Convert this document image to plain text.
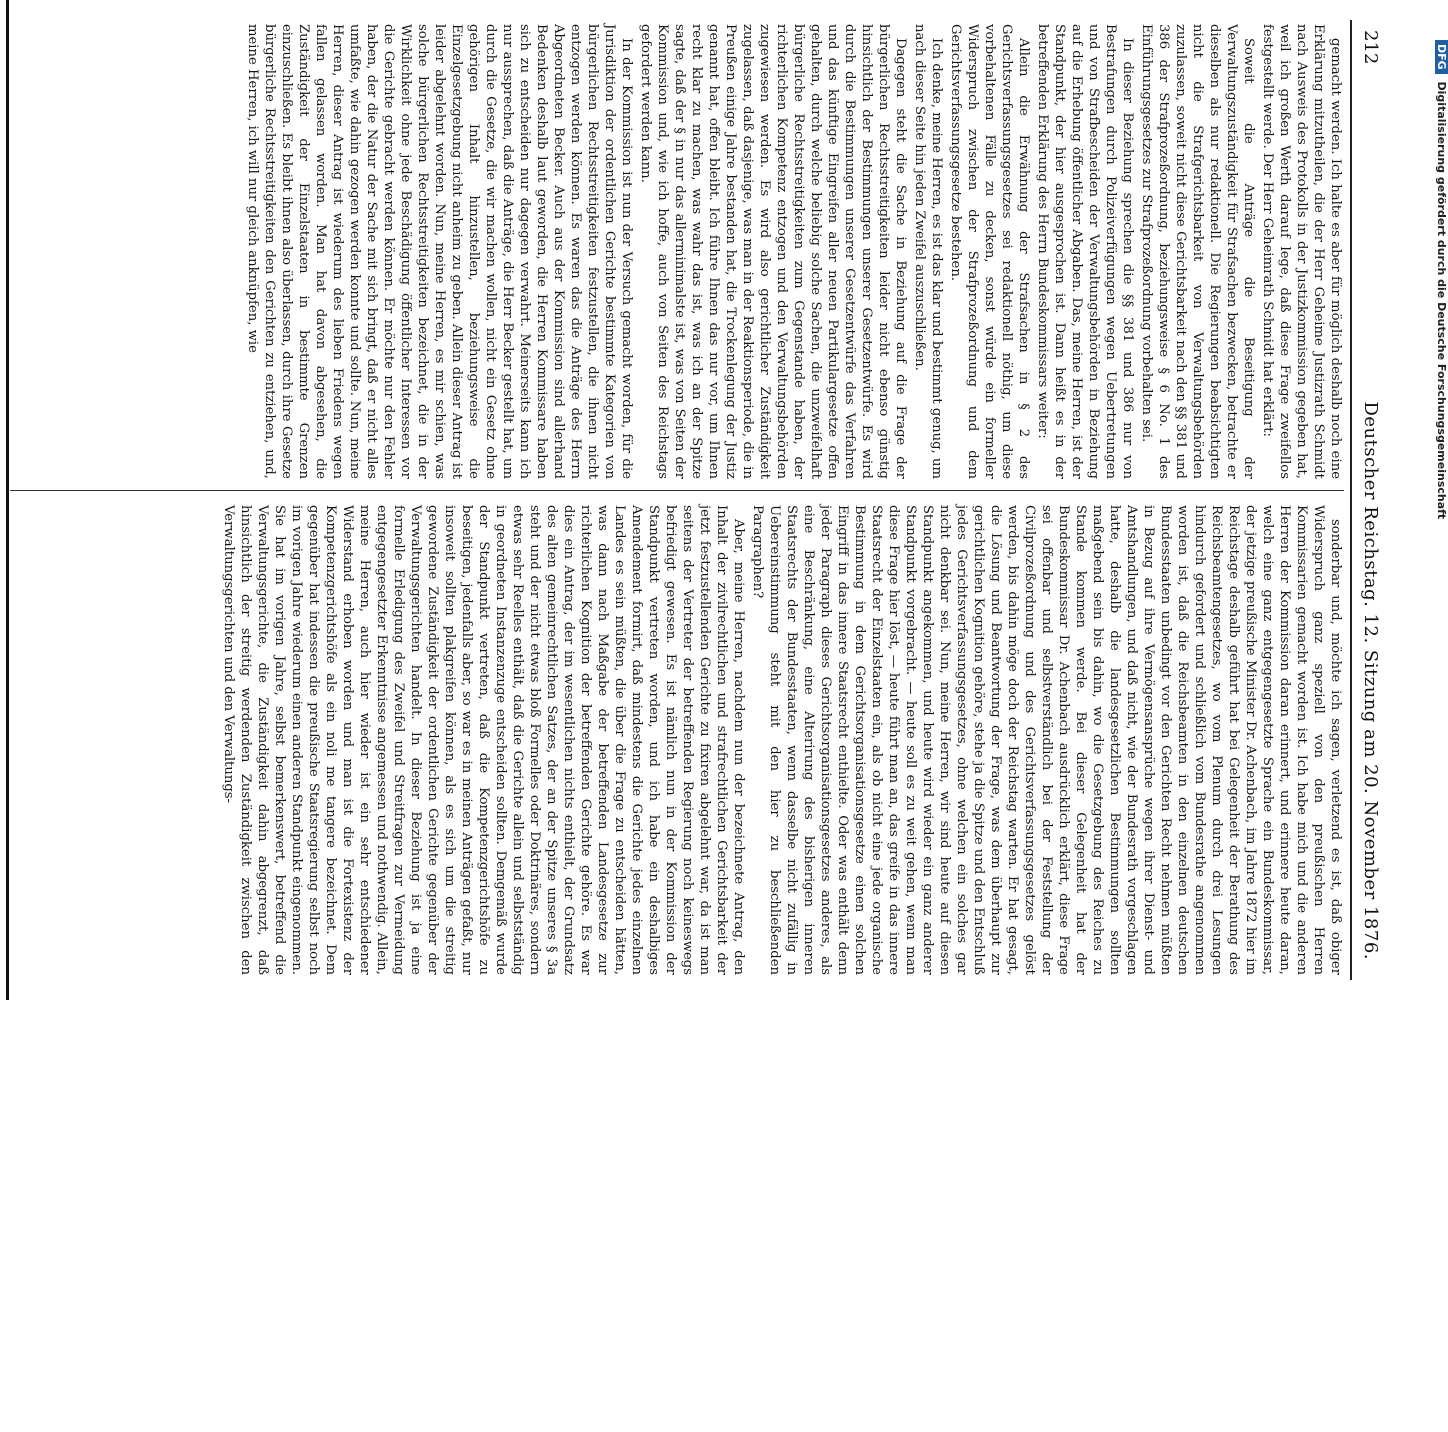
212
Deutscher Reichstag. 12. Sitzung am 20. November 1876.

gemacht werden. Ich halte es aber für möglich deshalb noch eine Erklärung mitzutheilen, die der Herr Geheime Justizrath Schmidt nach Ausweis des Protokolls in der Justizkommission gegeben hat, weil ich großen Werth darauf lege, daß diese Frage zweifellos festgestellt werde. Der Herr Geheimrath Schmidt hat erklärt:

Soweit die Anträge die Beseitigung der Verwaltungszuständigkeit für Strafsachen bezwecken, betrachte er dieselben als nur redaktionell. Die Regierungen beabsichtigten nicht die Strafgerichtsbarkeit von Verwaltungsbehörden zuzulassen, soweit nicht diese Gerichtsbarkeit nach den §§ 381 und 386 der Strafprozeßordnung, beziehungsweise § 6 No. 1 des Einführungsgesetzes zur Strafprozeßordnung vorbehalten sei.

In dieser Beziehung sprechen die §§ 381 und 386 nur von Bestrafungen durch Polizeiverfügungen wegen Uebertretungen und von Strafbescheiden der Verwaltungsbehörden in Beziehung auf die Erhebung öffentlicher Abgaben. Das, meine Herren, ist der Standpunkt, der hier ausgesprochen ist. Dann heißt es in der betreffenden Erklärung des Herrn Bundeskommissars weiter:

Allein die Erwähnung der Strafsachen in § 2 des Gerichtsverfassungsgesetzes sei redaktionell nöthig, um diese vorbehaltenen Fälle zu decken, sonst würde ein formeller Widerspruch zwischen der Strafprozeßordnung und dem Gerichtsverfassungsgesetze bestehen.

Ich denke, meine Herren, es ist das klar und bestimmt genug, um nach dieser Seite hin jeden Zweifel auszuschließen.

Dagegen steht die Sache in Beziehung auf die Frage der bürgerlichen Rechtsstreitigkeiten leider nicht ebenso günstig hinsichtlich der Bestimmungen unserer Gesetzentwürfe. Es wird durch die Bestimmungen unserer Gesetzentwürfe das Verfahren und das künftige Eingreifen aller neuen Partikulargesetze offen gehalten, durch welche beliebig solche Sachen, die unzweifelhaft bürgerliche Rechtsstreitigkeiten zum Gegenstande haben, der richterlichen Kompetenz entzogen und den Verwaltungsbehörden zugewiesen werden. Es wird also gerichtlicher Zuständigkeit zugelassen, daß dasjenige, was man in der Reaktionsperiode, die in Preußen einige Jahre bestanden hat, die Trockenlegung der Justiz genannt hat, offen bleibt. Ich führe Ihnen das nur vor, um Ihnen recht klar zu machen, was wahr das ist, was ich an der Spitze sagte, daß der § in nur das allerminimalste ist, was von Seiten der Kommission und, wie ich hoffe, auch von Seiten des Reichstags gefordert werden kann.

In der Kommission ist nun der Versuch gemacht worden, für die Jurisdiktion der ordentlichen Gerichte bestimmte Kategorien von bürgerlichen Rechtsstreitigkeiten festzustellen, die ihnen nicht entzogen werden können. Es waren das die Anträge des Herrn Abgeordneten Becker. Auch aus der Kommission sind allerhand Bedenken deshalb laut geworden, die Herren Kommissare haben sich zu entscheiden nur dagegen verwahrt. Meinerseits kann ich nur aussprechen, daß die Anträge, die Herr Becker gestellt hat, um durch die Gesetze, die wir machen wollen, nicht ein Gesetz ohne gehörigen Inhalt hinzustellen, beziehungsweise die Einzelgesetzgebung nicht anheim zu geben. Allein dieser Antrag ist leider abgelehnt worden. Nun, meine Herren, es mir schien, was solche bürgerlichen Rechtsstreitigkeiten bezeichnet, die in der Wirklichkeit ohne jede Beschädigung öffentlicher Interessen vor die Gerichte gebracht werden können. Er möchte nur den Fehler haben, der die Natur der Sache mit sich bringt, daß er nicht alles umfaßte, wie dahin gezogen werden konnte und sollte. Nun, meine Herren, dieser Antrag ist wiederum des lieben Friedens wegen fallen gelassen worden. Man hat davon abgesehen, die Zuständigkeit der Einzelstaaten in bestimmte Grenzen einzuschließen. Es bleibt ihnen also überlassen, durch ihre Gesetze bürgerliche Rechtsstreitigkeiten den Gerichten zu entziehen, und, meine Herren, ich will nur gleich anknüpfen, wie

sonderbar und, möchte ich sagen, verletzend es ist, daß obiger Widerspruch ganz speziell von den preußischen Herren Kommissarien gemacht worden ist. Ich habe mich und die anderen Herren der Kommission daran erinnert, und erinnere heute daran, welch eine ganz entgegengesetzte Sprache ein Bundeskommissar, der jetzige preußische Minister Dr. Achenbach, im Jahre 1872 hier im Reichstage deshalb geführt hat bei Gelegenheit der Berathung des Reichsbeamtengesetzes, wo vom Plenum durch drei Lesungen hindurch gefordert und schließlich vom Bundesrathe angenommen worden ist, daß die Reichsbeamten in den einzelnen deutschen Bundesstaaten unbedingt vor den Gerichten Recht nehmen müßten in Bezug auf ihre Vermögensansprüche wegen ihrer Dienst- und Amtshandlungen, und daß nicht, wie der Bundesrath vorgeschlagen hatte, deshalb die landesgesetzlichen Bestimmungen sollten maßgebend sein bis dahin, wo die Gesetzgebung des Reiches zu Stande kommen werde. Bei dieser Gelegenheit hat der Bundeskommissar Dr. Achenbach ausdrücklich erklärt, diese Frage sei offenbar und selbstverständlich bei der Feststellung der Civilprozeßordnung und des Gerichtsverfassungsgesetzes gelöst werden, bis dahin möge doch der Reichstag warten. Er hat gesagt, die Lösung und Beantwortung der Frage, was dem überhaupt zur gerichtlichen Kognition gehöre, stehe ja die Spitze und den Entschluß jedes Gerichtsverfassungsgesetzes, ohne welchen ein solches gar nicht denkbar sei. Nun, meine Herren, wir sind heute auf diesen Standpunkt angekommen, und heute wird wieder ein ganz anderer Standpunkt vorgebracht. — heute soll es zu weit gehen, wenn man diese Frage hier löst, — heute führt man an, das greife in das innere Staatsrecht der Einzelstaaten ein, als ob nicht eine jede organische Bestimmung in dem Gerichtsorganisationsgesetze einen solchen Eingriff in das innere Staatsrecht enthielte. Oder was enthält denn jeder Paragraph dieses Gerichtsorganisationsgesetzes anderes, als eine Beschränkung, eine Alterirung des bisherigen inneren Staatsrechts der Bundesstaaten, wenn dasselbe nicht zufällig in Uebereinstimmung steht mit den hier zu beschließenden Paragraphen?

Aber, meine Herren, nachdem nun der bezeichnete Antrag, den Inhalt der zivilrechtlichen und strafrechtlichen Gerichtsbarkeit der jetzt festzustellenden Gerichte zu fixiren abgelehnt war, da ist man seitens der Vertreter der betreffenden Regierung noch keineswegs befriedigt gewesen. Es ist nämlich nun in der Kommission der Standpunkt vertreten worden, und ich habe ein deshalbiges Amendement formirt, daß mindestens die Gerichte jedes einzelnen Landes es sein müßten, die über die Frage zu entscheiden hätten, was dann nach Maßgabe der betreffenden Landesgesetze zur richterlichen Kognition der betreffenden Gerichte gehöre. Es war dies ein Antrag, der im wesentlichen nichts enthielt, der Grundsatz des alten gemeinrechtlichen Satzes, der an der Spitze unseres § 3a steht und der nicht etwas bloß Formelles oder Doktrinäres, sondern etwas sehr Reelles enthält, daß die Gerichte allein und selbstständig in geordneten Instanzenzuge entscheiden sollten. Demgemäß wurde der Standpunkt vertreten, daß die Kompetenzgerichtshöfe zu beseitigen, jedenfalls aber, so war es in meinen Anträgen gefaßt, nur insoweit sollten plakgreifen können, als es sich um die streitig gewordene Zuständigkeit der ordentlichen Gerichte gegenüber der Verwaltungsgerichten handelt. In dieser Beziehung ist ja eine formelle Erledigung des Zweifel und Streitfragen zur Vermeidung entgegengesetzter Erkenntnisse angemessen und nothwendig. Allein, meine Herren, auch hier wieder ist ein sehr entschiedener Widerstand erhoben worden und man ist die Fortexistenz der Kompetenzgerichtshöfe als ein noli me tangere bezeichnet. Dem gegenüber hat indessen die preußische Staatsregierung selbst noch im vorigen Jahre wiederum einen anderen Standpunkt eingenommen. Sie hat im vorigen Jahre, selbst bemerkenswert, betreffend die Verwaltungsgerichte, die Zuständigkeit dahin abgegrenzt, daß hinsichtlich der streitig werdenden Zuständigkeit zwischen den Verwaltungsgerichten und den Verwaltungs-

DFG Digitalisierung gefördert durch die Deutsche Forschungsgemeinschaft
